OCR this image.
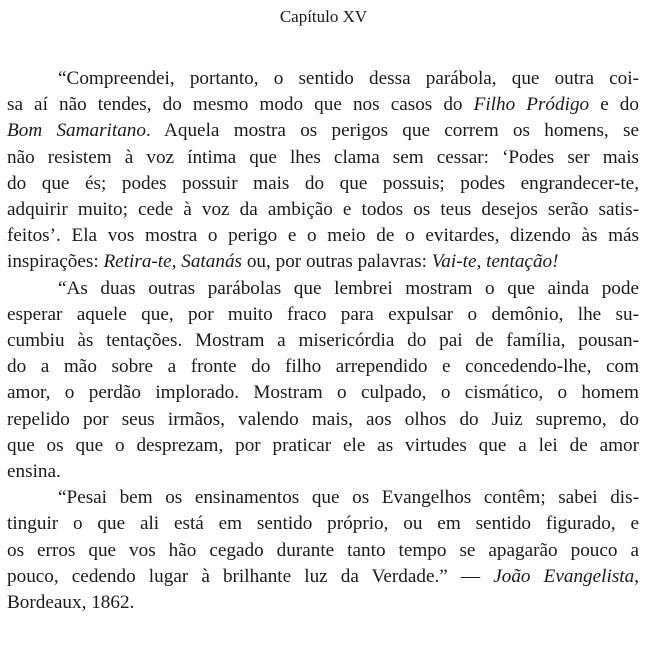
Capítulo XV
“Compreendei, portanto, o sentido dessa parábola, que outra coi-
sa aí não tendes, do mesmo modo que nos casos do Filho Pródigo e do
Bom Samaritano. Aquela mostra os perigos que correm os homens, se
não resistem à voz íntima que lhes clama sem cessar: ‘Podes ser mais
do que és; podes possuir mais do que possuis; podes engrandecer-te,
adquirir muito; cede à voz da ambição e todos os teus desejos serão satis-
feitos’. Ela vos mostra o perigo e o meio de o evitardes, dizendo às más
inspirações: Retira-te, Satanás ou, por outras palavras: Vai-te, tentação!
“As duas outras parábolas que lembrei mostram o que ainda pode
esperar aquele que, por muito fraco para expulsar o demônio, lhe su-
cumbiu às tentações. Mostram a misericórdia do pai de família, pousan-
do a mão sobre a fronte do filho arrependido e concedendo-lhe, com
amor, o perdão implorado. Mostram o culpado, o cismático, o homem
repelido por seus irmãos, valendo mais, aos olhos do Juiz supremo, do
que os que o desprezam, por praticar ele as virtudes que a lei de amor
ensina.
“Pesai bem os ensinamentos que os Evangelhos contêm; sabei dis-
tinguir o que ali está em sentido próprio, ou em sentido figurado, e
os erros que vos hão cegado durante tanto tempo se apagarão pouco a
pouco, cedendo lugar à brilhante luz da Verdade.” — João Evangelista,
Bordeaux, 1862.
